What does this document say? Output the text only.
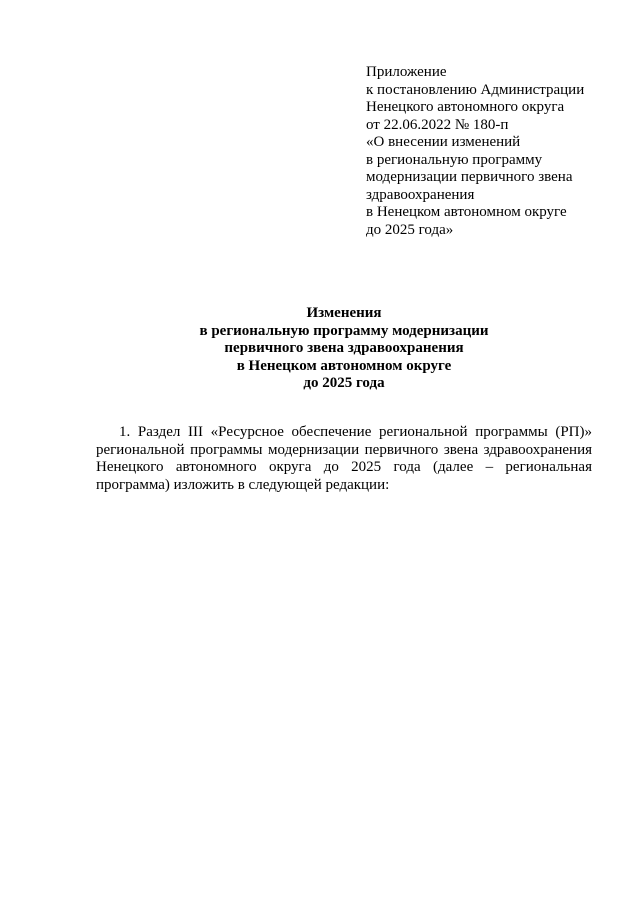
Приложение
к постановлению Администрации
Ненецкого автономного округа
от 22.06.2022 № 180-п
«О внесении изменений
в региональную программу
модернизации первичного звена
здравоохранения
в Ненецком автономном округе
до 2025 года»
Изменения
в региональную программу модернизации
первичного звена здравоохранения
в Ненецком автономном округе
до 2025 года
1. Раздел III «Ресурсное обеспечение региональной программы (РП)»
региональной программы модернизации первичного звена здравоохранения
Ненецкого автономного округа до 2025 года (далее – региональная
программа) изложить в следующей редакции:
